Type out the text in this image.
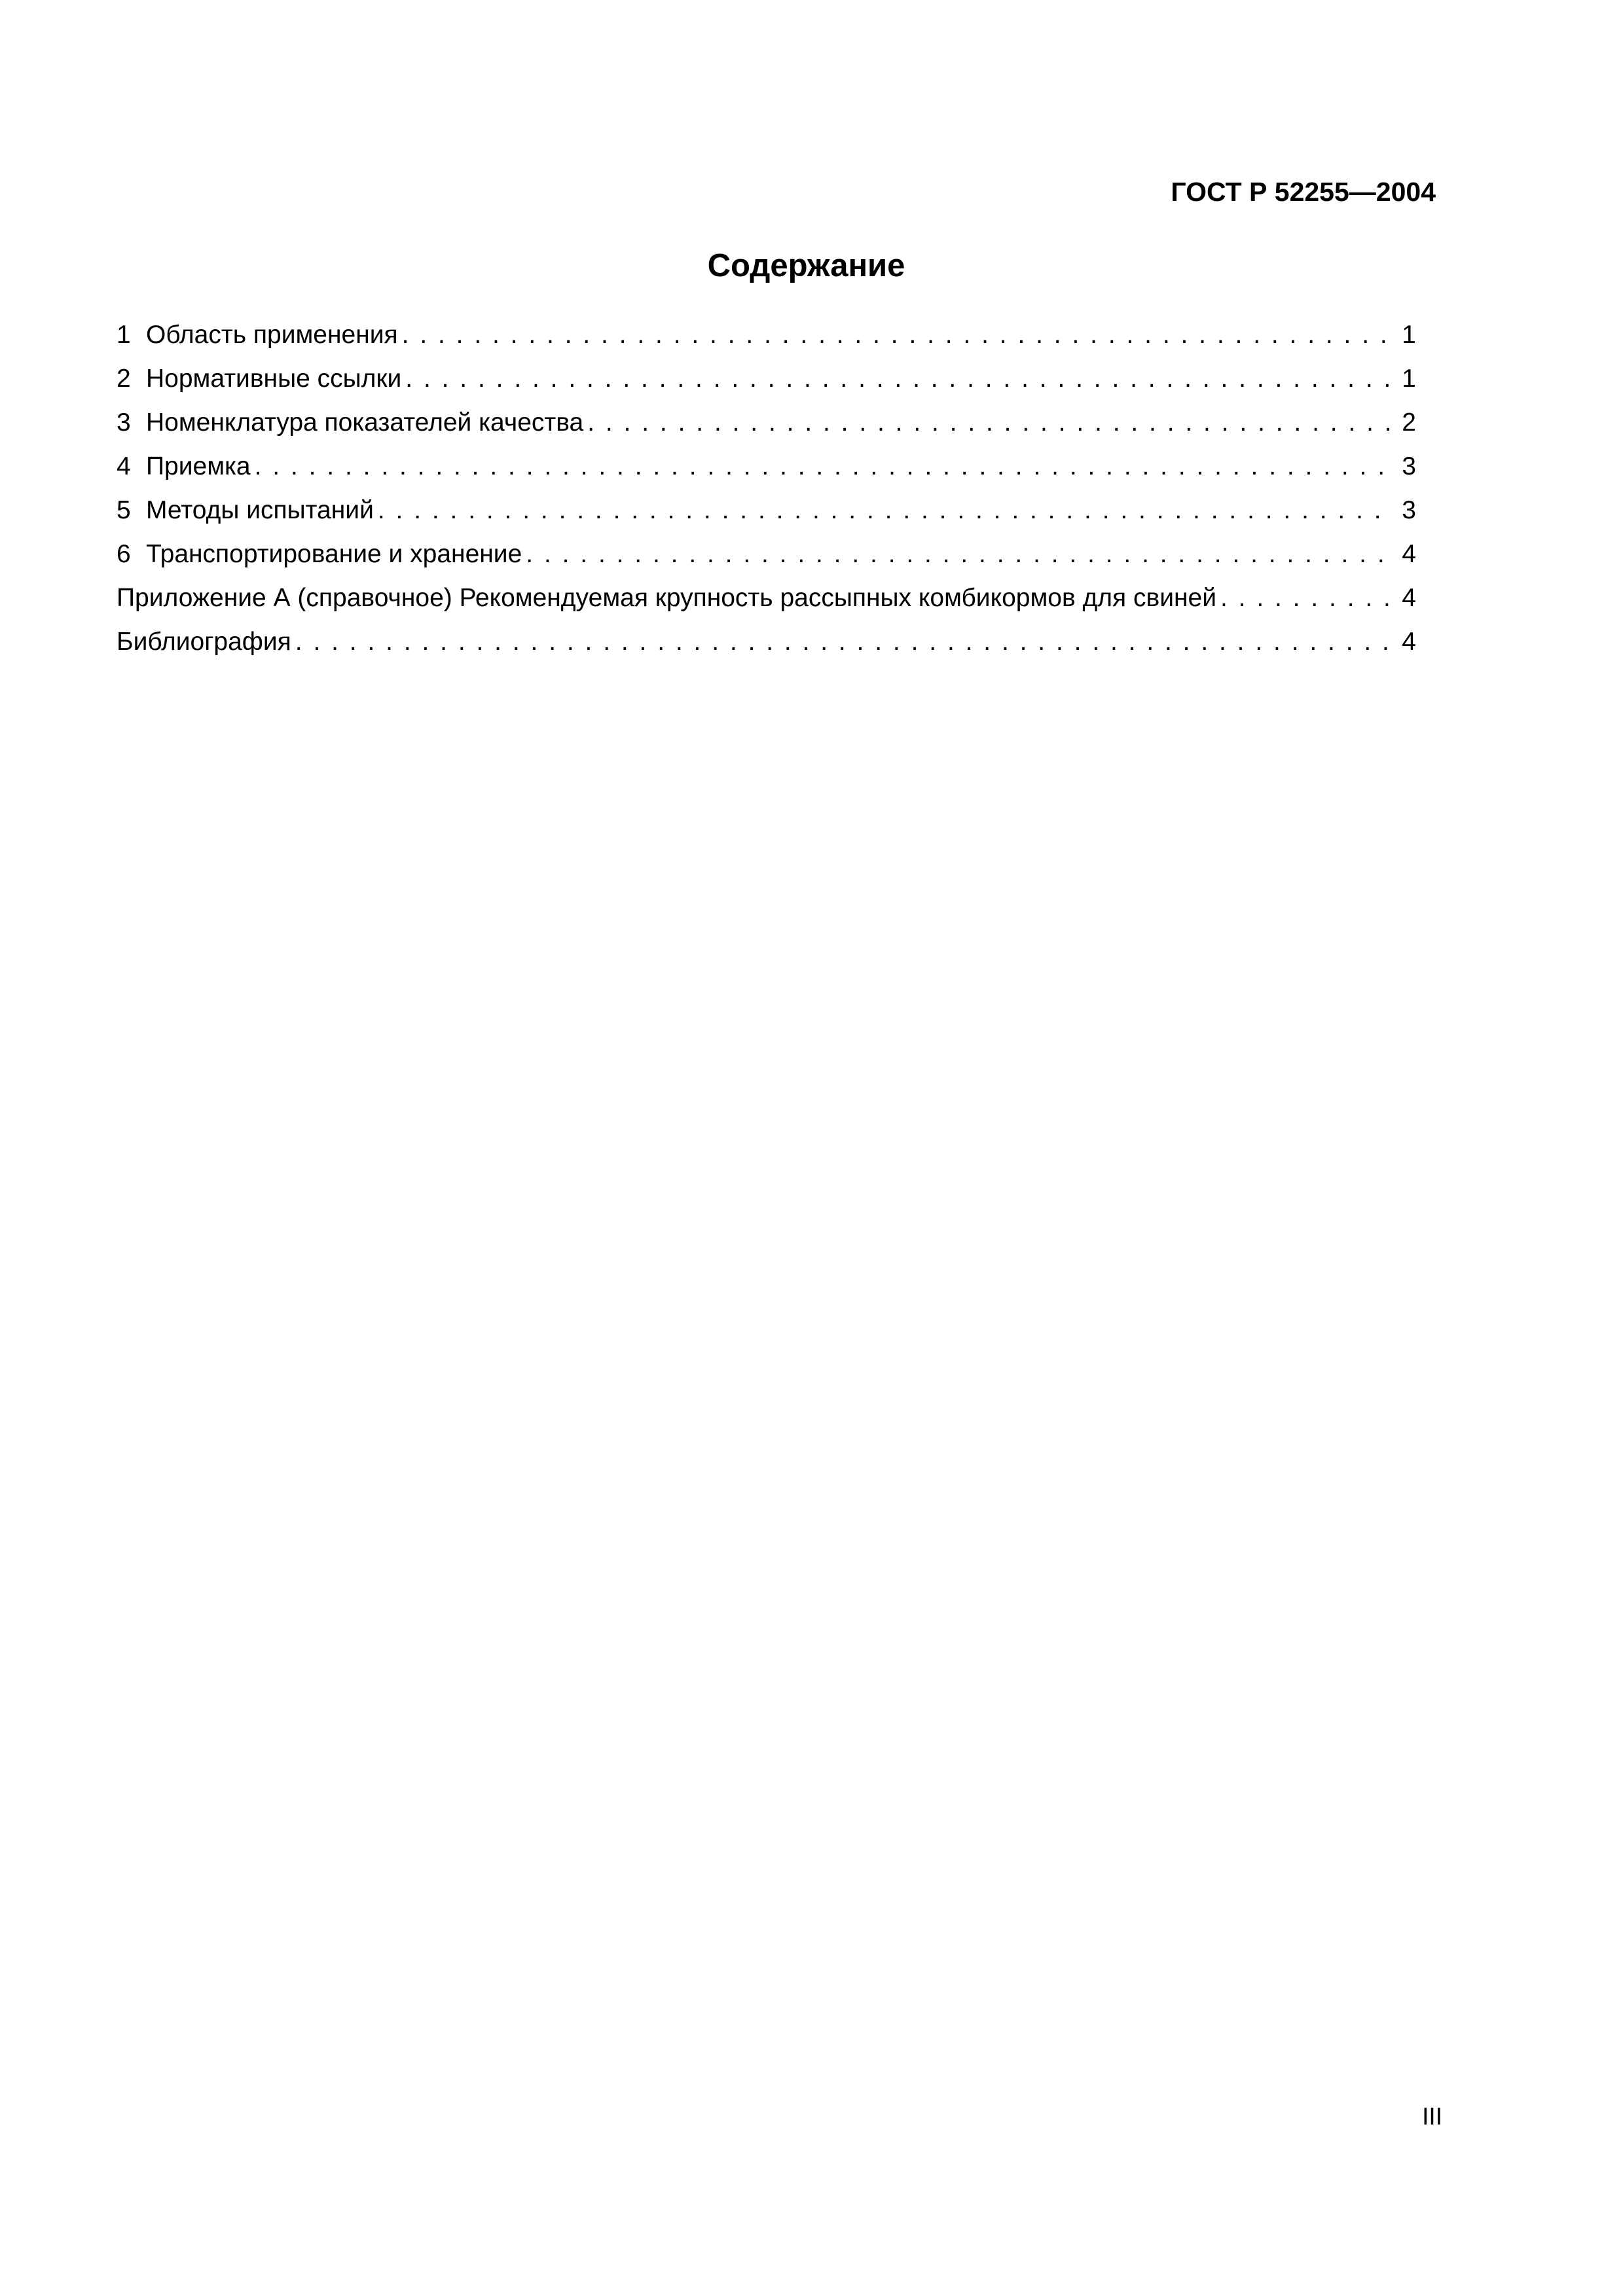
ГОСТ Р 52255—2004

Содержание
1 Область применения . . .	1
2 Нормативные ссылки . . .	1
3 Номенклатура показателей качества . . .	2
4 Приемка . . .	3
5 Методы испытаний . . .	3
6 Транспортирование и хранение . . .	4
Приложение А (справочное) Рекомендуемая крупность рассыпных комбикормов для свиней . . .	4
Библиография . . .	4

III
